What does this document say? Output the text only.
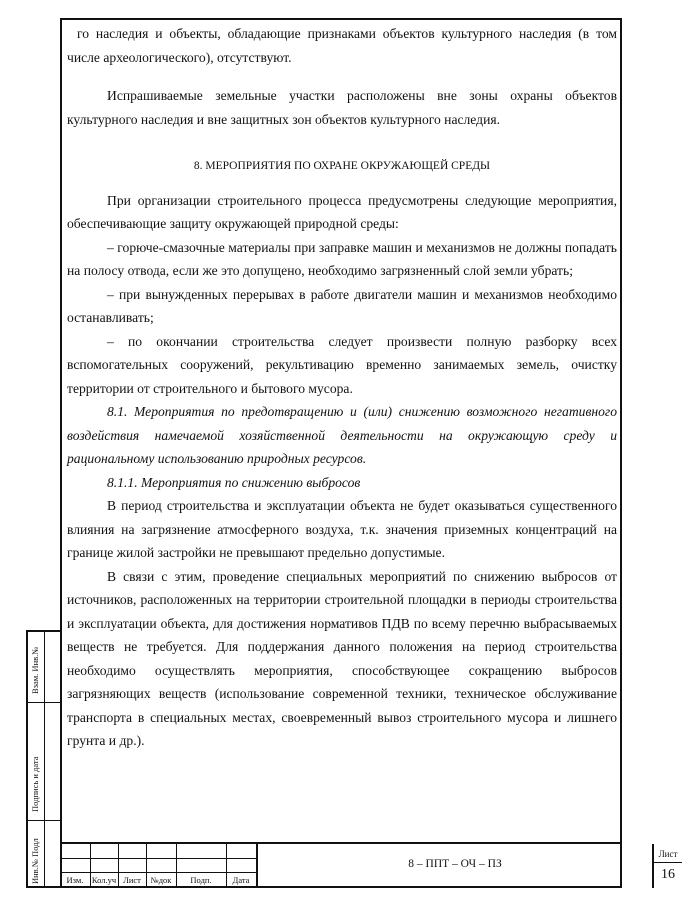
го наследия и объекты, обладающие признаками объектов культурного наследия (в том числе археологического), отсутствуют.

Испрашиваемые земельные участки расположены вне зоны охраны объектов культурного наследия и вне защитных зон объектов культурного наследия.

8. МЕРОПРИЯТИЯ ПО ОХРАНЕ ОКРУЖАЮЩЕЙ СРЕДЫ

При организации строительного процесса предусмотрены следующие мероприятия, обеспечивающие защиту окружающей природной среды:

– горюче-смазочные материалы при заправке машин и механизмов не должны попадать на полосу отвода, если же это допущено, необходимо загрязненный слой земли убрать;

– при вынужденных перерывах в работе двигатели машин и механизмов необходимо останавливать;

– по окончании строительства следует произвести полную разборку всех вспомогательных сооружений, рекультивацию временно занимаемых земель, очистку территории от строительного и бытового мусора.

8.1. Мероприятия по предотвращению и (или) снижению возможного негативного воздействия намечаемой хозяйственной деятельности на окружающую среду и рациональному использованию природных ресурсов.

8.1.1. Мероприятия по снижению выбросов

В период строительства и эксплуатации объекта не будет оказываться существенного влияния на загрязнение атмосферного воздуха, т.к. значения приземных концентраций на границе жилой застройки не превышают предельно допустимые.

В связи с этим, проведение специальных мероприятий по снижению выбросов от источников, расположенных на территории строительной площадки в периоды строительства и эксплуатации объекта, для достижения нормативов ПДВ по всему перечню выбрасываемых веществ не требуется. Для поддержания данного положения на период строительства необходимо осуществлять мероприятия, способствующее сокращению выбросов загрязняющих веществ (использование современной техники, техническое обслуживание транспорта в специальных местах, своевременный вывоз строительного мусора и лишнего грунта и др.).

Взам. Инв.№
Подпись и дата
Инв.№ Подл	Изм. Кол.уч Лист	№док	Подп.	Дата
8 – ППТ – ОЧ – ПЗ
Лист
16
